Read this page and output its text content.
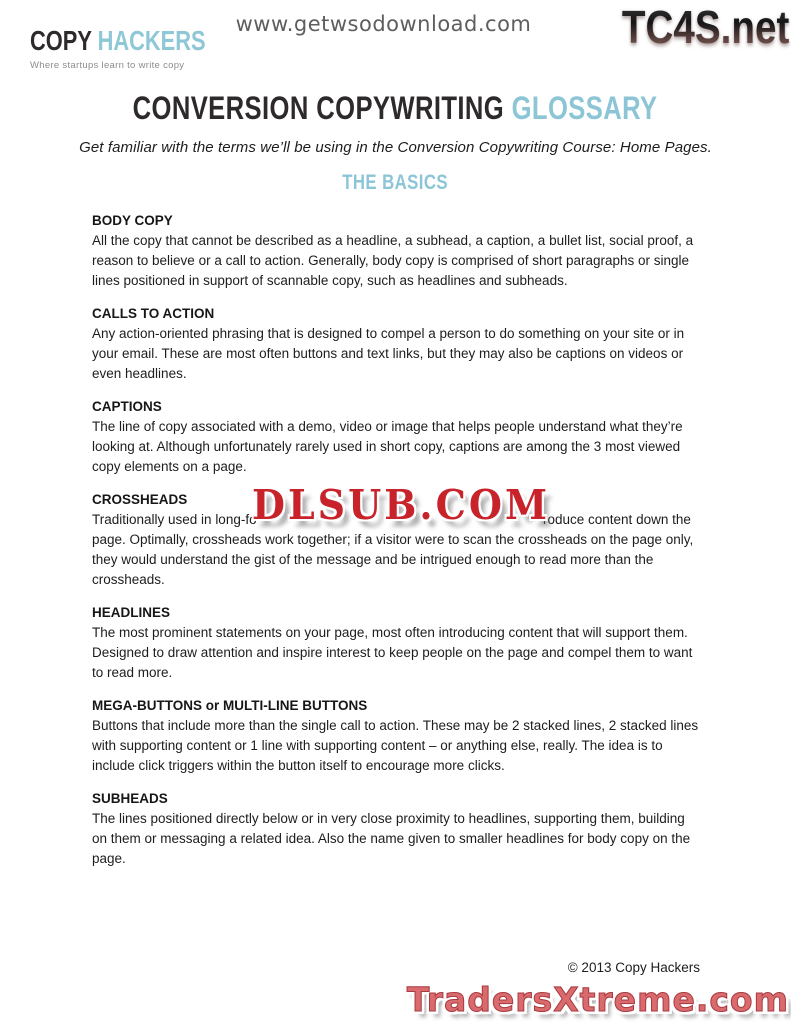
COPY HACKERS
Where startups learn to write copy
www.getwsodownload.com	TC4S.net
CONVERSION COPYWRITING GLOSSARY
Get familiar with the terms we’ll be using in the Conversion Copywriting Course: Home Pages.
THE BASICS
BODY COPY

All the copy that cannot be described as a headline, a subhead, a caption, a bullet list, social proof, a reason to believe or a call to action. Generally, body copy is comprised of short paragraphs or single lines positioned in support of scannable copy, such as headlines and subheads.

CALLS TO ACTION

Any action-oriented phrasing that is designed to compel a person to do something on your site or in your email. These are most often buttons and text links, but they may also be captions on videos or even headlines.

CAPTIONS

The line of copy associated with a demo, video or image that helps people understand what they’re looking at. Although unfortunately rarely used in short copy, captions are among the 3 most viewed copy elements on a page.

CROSSHEADS
Traditionally used in long-fo	roduce content down the

page. Optimally, crossheads work together; if a visitor were to scan the crossheads on the page only, they would understand the gist of the message and be intrigued enough to read more than the crossheads.

HEADLINES

The most prominent statements on your page, most often introducing content that will support them. Designed to draw attention and inspire interest to keep people on the page and compel them to want to read more.

MEGA-BUTTONS or MULTI-LINE BUTTONS

Buttons that include more than the single call to action. These may be 2 stacked lines, 2 stacked lines with supporting content or 1 line with supporting content – or anything else, really. The idea is to include click triggers within the button itself to encourage more clicks.

SUBHEADS

The lines positioned directly below or in very close proximity to headlines, supporting them, building on them or messaging a related idea. Also the name given to smaller headlines for body copy on the page.

DLSUB.COM
© 2013 Copy Hackers
TradersXtreme.com
